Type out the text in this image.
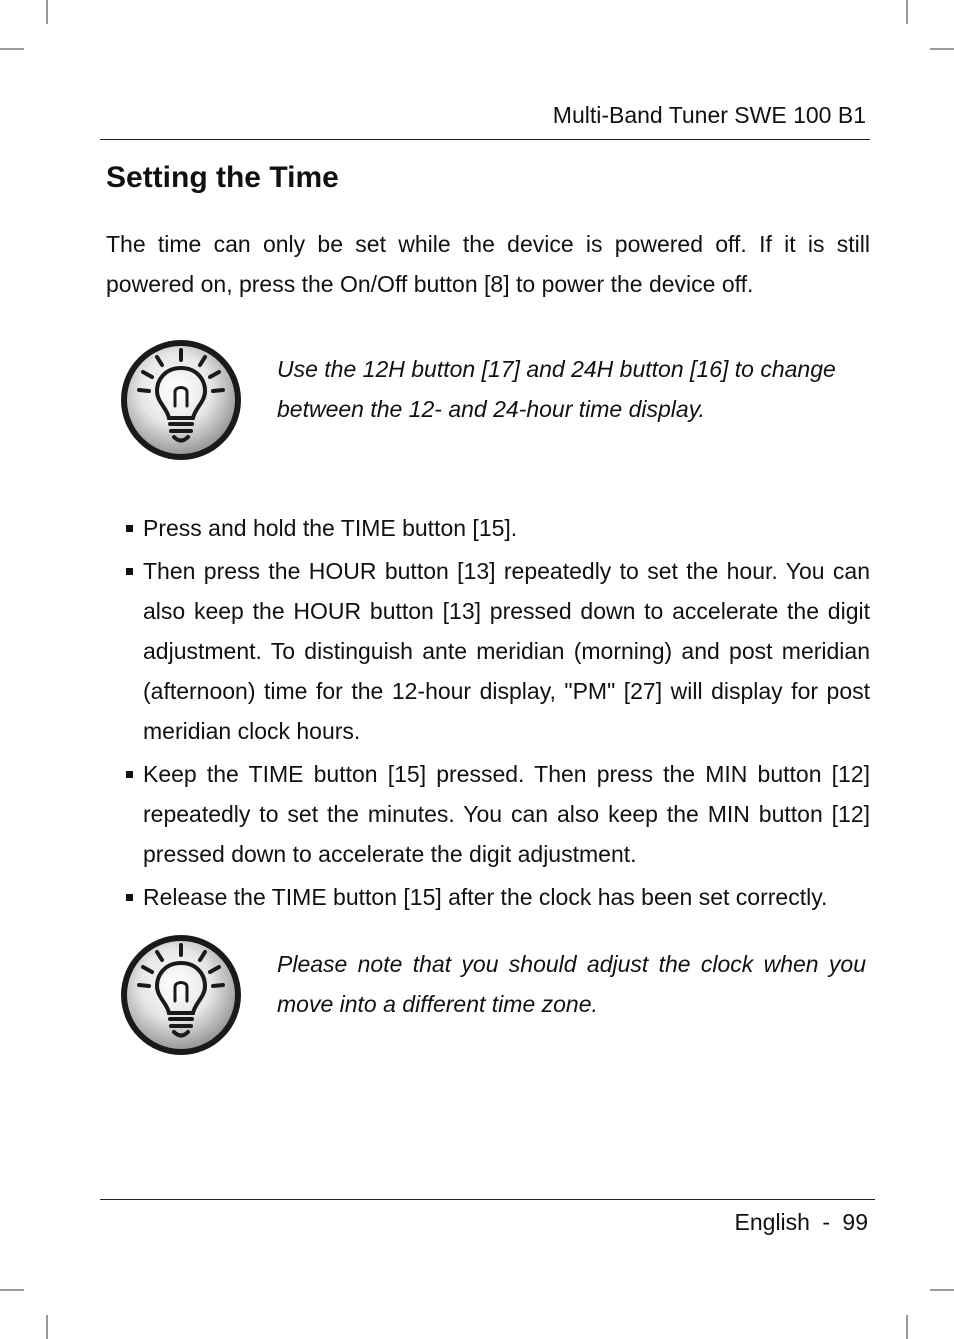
Multi-Band Tuner SWE 100 B1
Setting the Time
The time can only be set while the device is powered off. If it is still powered on, press the On/Off button [8] to power the device off.
Use the 12H button [17] and 24H button [16] to change between the 12- and 24-hour time display.
Press and hold the TIME button [15].
Then press the HOUR button [13] repeatedly to set the hour. You can also keep the HOUR button [13] pressed down to accelerate the digit adjustment. To distinguish ante meridian (morning) and post meridian (afternoon) time for the 12-hour display, "PM" [27] will display for post meridian clock hours.
Keep the TIME button [15] pressed. Then press the MIN button [12] repeatedly to set the minutes. You can also keep the MIN button [12] pressed down to accelerate the digit adjustment.
Release the TIME button [15] after the clock has been set correctly.
Please note that you should adjust the clock when you move into a different time zone.
English - 99
